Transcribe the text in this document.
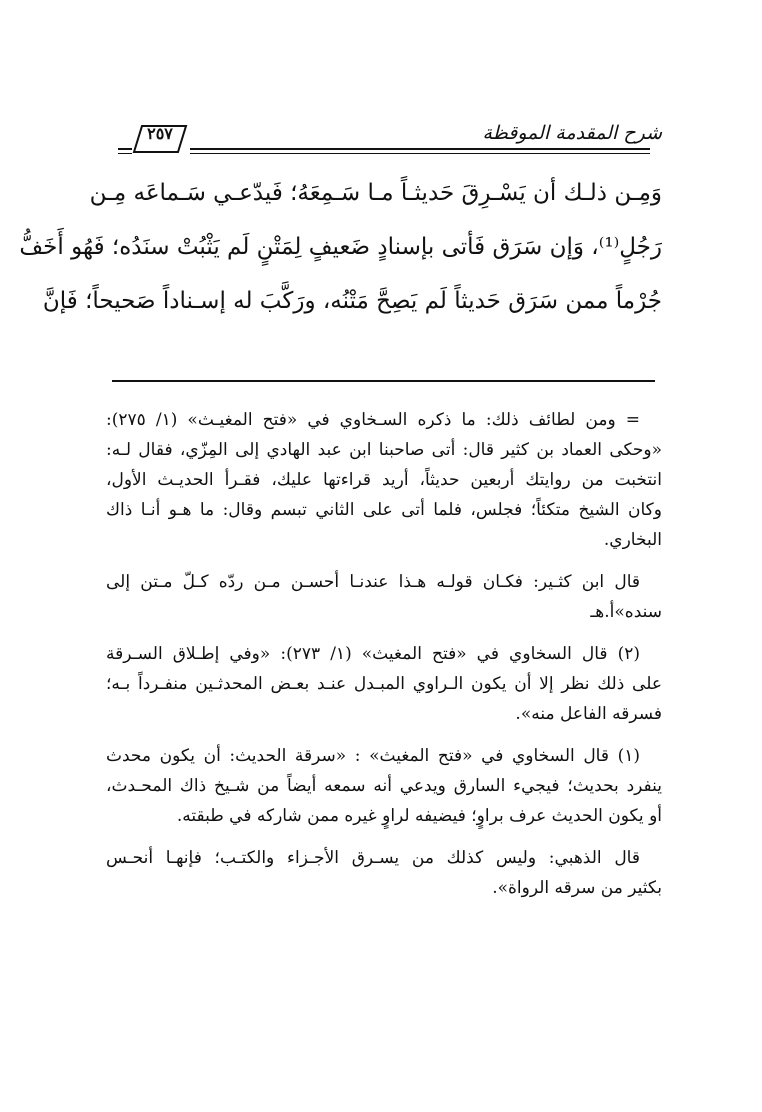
شرح المقدمة الموقظة
٢٥٧
وَمِـن ذلـك أن يَسْـرِقَ حَديثـاً مـا سَـمِعَهُ؛ فَيدّعـي سَـماعَه مِـن
رَجُلٍ⁽¹⁾، وَإن سَرَق فَأتى بإسنادٍ ضَعيفٍ لِمَتْنٍ لَم يَثْبُتْ سنَدُه؛ فَهُو أَخَفُّ
جُرْماً ممن سَرَق حَديثاً لَم يَصِحَّ مَتْنُه، ورَكَّبَ له إسـناداً صَحيحاً؛ فَإنَّ
= ومن لطائف ذلك: ما ذكره السـخاوي في «فتح المغيـث» (١/ ٢٧٥):
«وحكى العماد بن كثير قال: أتى صاحبنا ابن عبد الهادي إلى المِزّي، فقال لـه:
انتخبت من روايتك أربعين حديثاً، أريد قراءتها عليك، فقـرأ الحديـث الأول،
وكان الشيخ متكئاً؛ فجلس، فلما أتى على الثاني تبسم وقال: ما هـو أنـا ذاك
البخاري.
قال ابن كثـير: فكـان قولـه هـذا عندنـا أحسـن مـن ردّه كـلّ مـتن إلى
سنده»أ.هـ
(٢) قال السخاوي في «فتح المغيث» (١/ ٢٧٣): «وفي إطـلاق السـرقة
على ذلك نظر إلا أن يكون الـراوي المبـدل عنـد بعـض المحدثـين منفـرداً بـه؛
فسرقه الفاعل منه».
(١) قال السخاوي في «فتح المغيث» : «سرقة الحديث: أن يكون محدث
ينفرد بحديث؛ فيجيء السارق ويدعي أنه سمعه أيضاً من شـيخ ذاك المحـدث،
أو يكون الحديث عرف براوٍ؛ فيضيفه لراوٍ غيره ممن شاركه في طبقته.
قال الذهبي: وليس كذلك من يسـرق الأجـزاء والكتـب؛ فإنهـا أنحـس
بكثير من سرقه الرواة».
